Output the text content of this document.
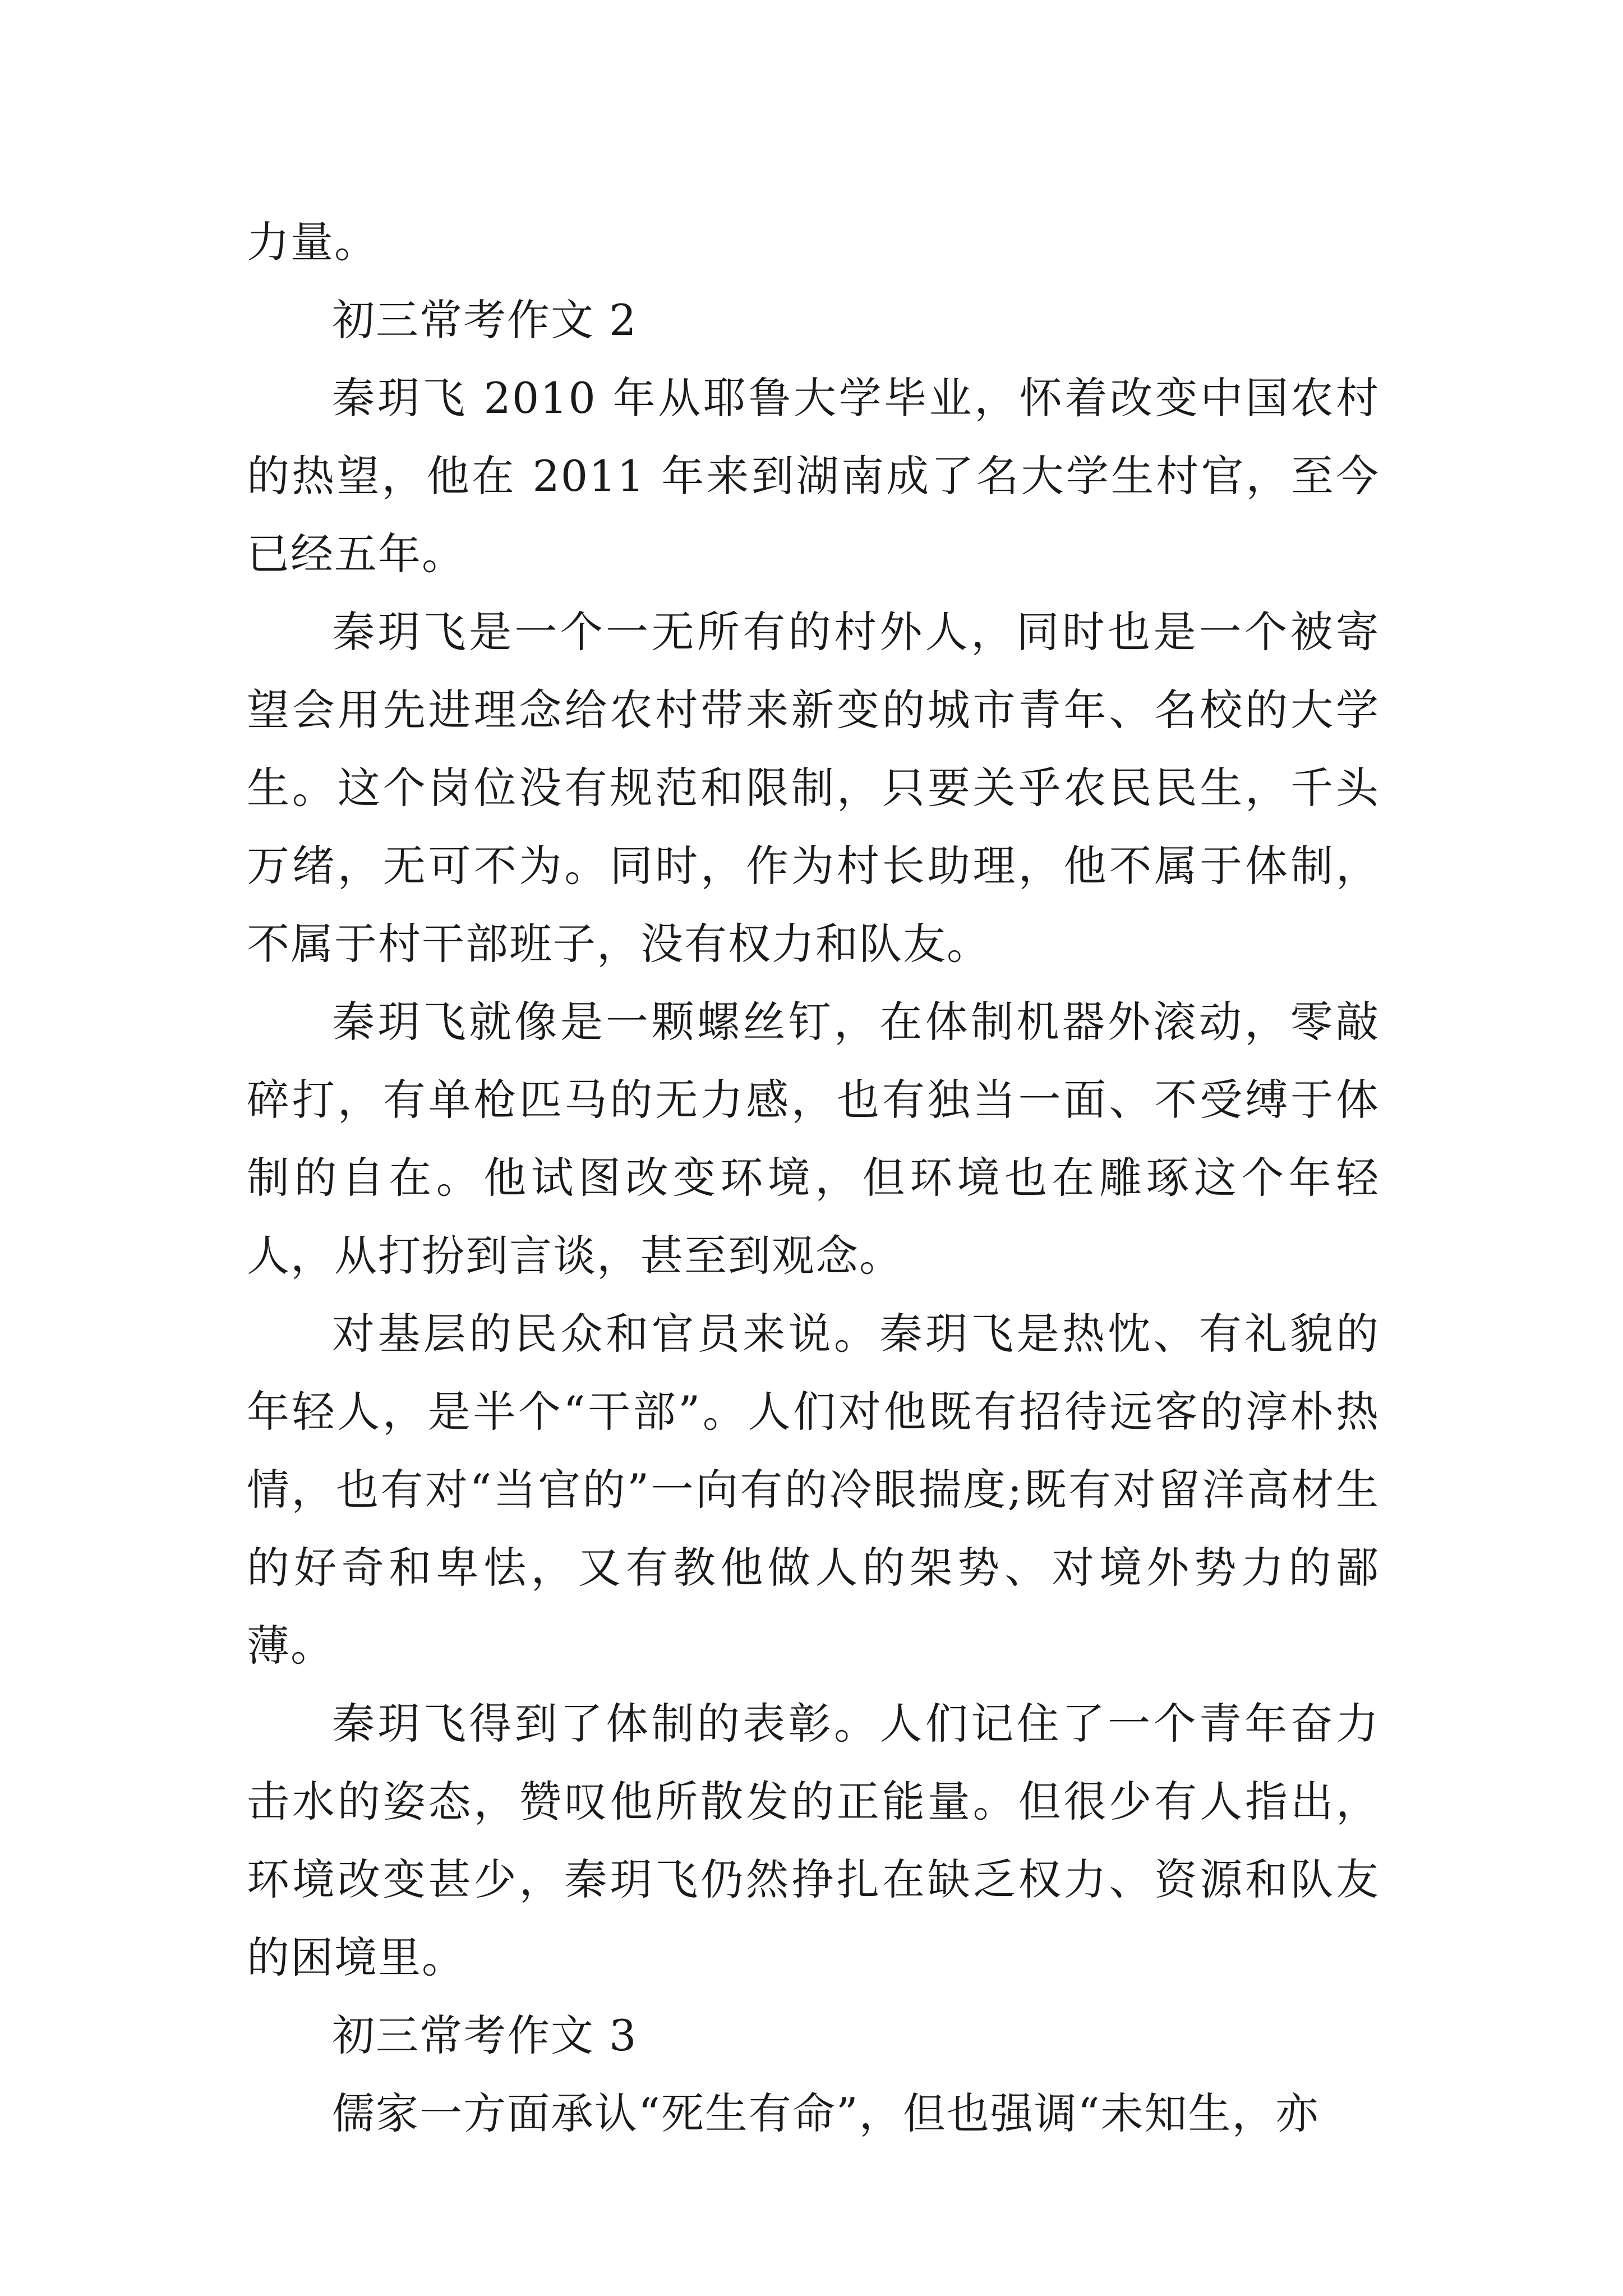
力量。

初三常考作文 2

秦玥飞 2010 年从耶鲁大学毕业，怀着改变中国农村的热望，他在 2011 年来到湖南成了名大学生村官，至今已经五年。

秦玥飞是一个一无所有的村外人，同时也是一个被寄望会用先进理念给农村带来新变的城市青年、名校的大学生。这个岗位没有规范和限制，只要关乎农民民生，千头万绪，无可不为。同时，作为村长助理，他不属于体制，不属于村干部班子，没有权力和队友。

秦玥飞就像是一颗螺丝钉，在体制机器外滚动，零敲碎打，有单枪匹马的无力感，也有独当一面、不受缚于体制的自在。他试图改变环境，但环境也在雕琢这个年轻人，从打扮到言谈，甚至到观念。

对基层的民众和官员来说。秦玥飞是热忱、有礼貌的年轻人，是半个“干部”。人们对他既有招待远客的淳朴热情，也有对“当官的”一向有的冷眼揣度;既有对留洋高材生的好奇和卑怯，又有教他做人的架势、对境外势力的鄙薄。

秦玥飞得到了体制的表彰。人们记住了一个青年奋力击水的姿态，赞叹他所散发的正能量。但很少有人指出，环境改变甚少，秦玥飞仍然挣扎在缺乏权力、资源和队友的困境里。

初三常考作文 3

儒家一方面承认“死生有命”，但也强调“未知生，亦
